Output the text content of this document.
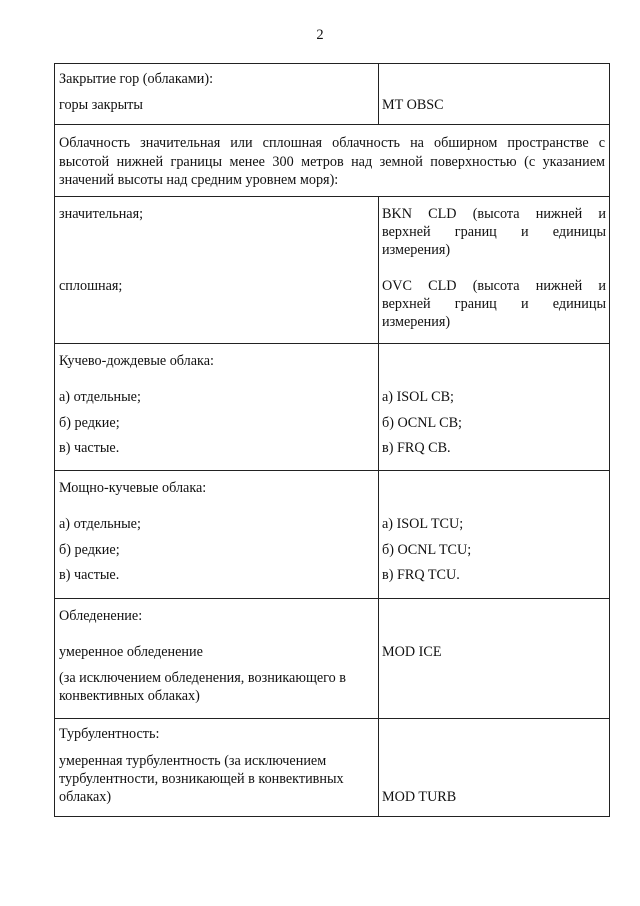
2
Закрытие гор (облаками):
горы закрыты	MT OBSC
Облачность значительная или сплошная облачность на обширном пространстве с высотой нижней границы менее 300 метров над земной поверхностью (с указанием значений высоты над средним уровнем моря):
значительная;
сплошная;
BKN CLD (высота нижней и
верхней границ и единицы
измерения)
OVC CLD (высота нижней и
верхней границ и единицы
измерения)
Кучево-дождевые облака:
а) отдельные;
б) редкие;
в) частые.
а) ISOL CB;
б) OCNL CB;
в) FRQ CB.
Мощно-кучевые облака:
а) отдельные;
б) редкие;
в) частые.
а) ISOL TCU;
б) OCNL TCU;
в) FRQ TCU.
Обледенение:
умеренное обледенение
(за исключением обледенения, возникающего в
конвективных облаках)
MOD ICE
Турбулентность:
умеренная турбулентность (за исключением
турбулентности, возникающей в конвективных
облаках)	MOD TURB
